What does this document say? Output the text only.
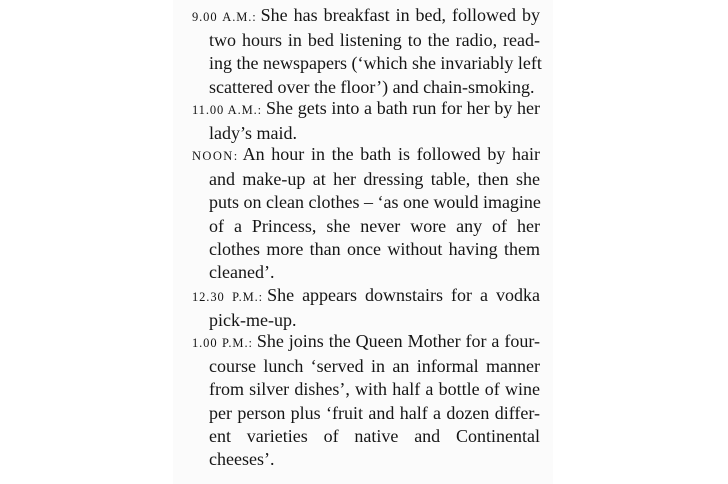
9.00 A.M.: She has breakfast in bed, followed by
two hours in bed listening to the radio, read-
ing the newspapers (‘which she invariably left
scattered over the floor’) and chain-smoking.
11.00 A.M.: She gets into a bath run for her by her
lady’s maid.
NOON: An hour in the bath is followed by hair
and make-up at her dressing table, then she
puts on clean clothes – ‘as one would imagine
of a Princess, she never wore any of her
clothes more than once without having them
cleaned’.
12.30 P.M.: She appears downstairs for a vodka
pick-me-up.
1.00 P.M.: She joins the Queen Mother for a four-
course lunch ‘served in an informal manner
from silver dishes’, with half a bottle of wine
per person plus ‘fruit and half a dozen differ-
ent varieties of native and Continental
cheeses’.
